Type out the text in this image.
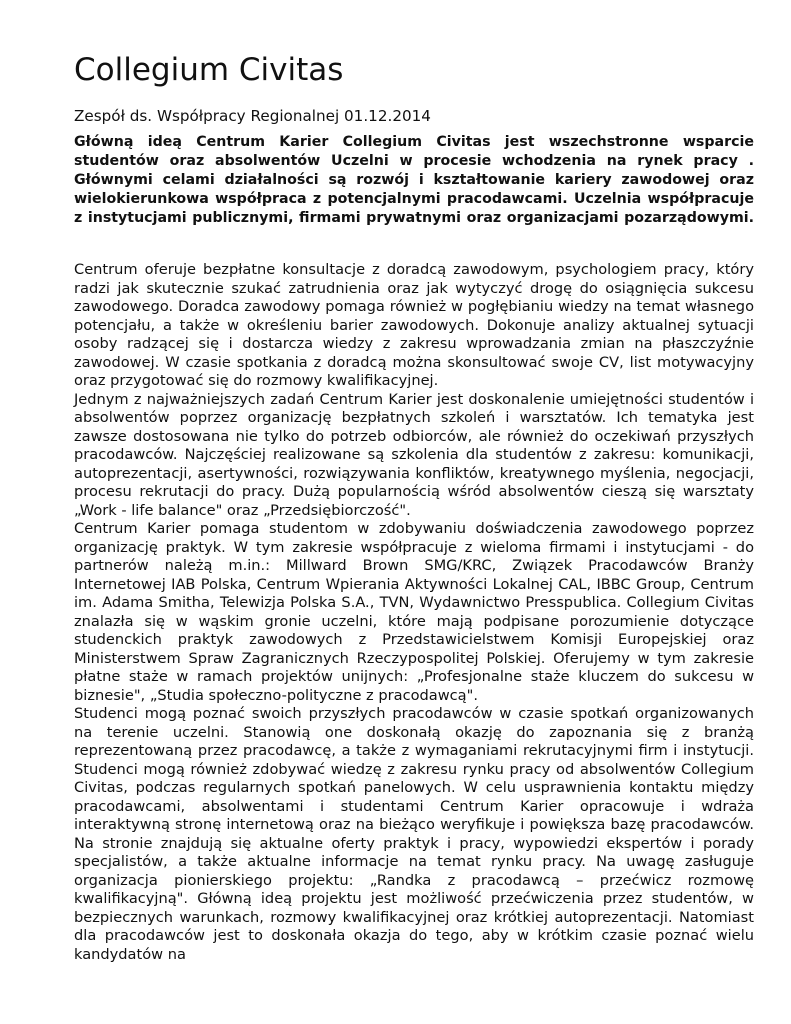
Collegium Civitas

Zespół ds. Współpracy Regionalnej 01.12.2014

Główną ideą Centrum Karier Collegium Civitas jest wszechstronne wsparcie studentów oraz absolwentów Uczelni w procesie wchodzenia na rynek pracy . Głównymi celami działalności są rozwój i kształtowanie kariery zawodowej oraz wielokierunkowa współpraca z potencjalnymi pracodawcami. Uczelnia współpracuje z instytucjami publicznymi, firmami prywatnymi oraz organizacjami pozarządowymi.

Centrum oferuje bezpłatne konsultacje z doradcą zawodowym, psychologiem pracy, który radzi jak skutecznie szukać zatrudnienia oraz jak wytyczyć drogę do osiągnięcia sukcesu zawodowego. Doradca zawodowy pomaga również w pogłębianiu wiedzy na temat własnego potencjału, a także w określeniu barier zawodowych. Dokonuje analizy aktualnej sytuacji osoby radzącej się i dostarcza wiedzy z zakresu wprowadzania zmian na płaszczyźnie zawodowej. W czasie spotkania z doradcą można skonsultować swoje CV, list motywacyjny oraz przygotować się do rozmowy kwalifikacyjnej.

Jednym z najważniejszych zadań Centrum Karier jest doskonalenie umiejętności studentów i absolwentów poprzez organizację bezpłatnych szkoleń i warsztatów. Ich tematyka jest zawsze dostosowana nie tylko do potrzeb odbiorców, ale również do oczekiwań przyszłych pracodawców. Najczęściej realizowane są szkolenia dla studentów z zakresu: komunikacji, autoprezentacji, asertywności, rozwiązywania konfliktów, kreatywnego myślenia, negocjacji, procesu rekrutacji do pracy. Dużą popularnością wśród absolwentów cieszą się warsztaty „Work - life balance" oraz „Przedsiębiorczość".

Centrum Karier pomaga studentom w zdobywaniu doświadczenia zawodowego poprzez organizację praktyk. W tym zakresie współpracuje z wieloma firmami i instytucjami - do partnerów należą m.in.: Millward Brown SMG/KRC, Związek Pracodawców Branży Internetowej IAB Polska, Centrum Wpierania Aktywności Lokalnej CAL, IBBC Group, Centrum im. Adama Smitha, Telewizja Polska S.A., TVN, Wydawnictwo Presspublica. Collegium Civitas znalazła się w wąskim gronie uczelni, które mają podpisane porozumienie dotyczące studenckich praktyk zawodowych z Przedstawicielstwem Komisji Europejskiej oraz Ministerstwem Spraw Zagranicznych Rzeczypospolitej Polskiej. Oferujemy w tym zakresie płatne staże w ramach projektów unijnych: „Profesjonalne staże kluczem do sukcesu w biznesie", „Studia społeczno-polityczne z pracodawcą".

Studenci mogą poznać swoich przyszłych pracodawców w czasie spotkań organizowanych na terenie uczelni. Stanowią one doskonałą okazję do zapoznania się z branżą reprezentowaną przez pracodawcę, a także z wymaganiami rekrutacyjnymi firm i instytucji. Studenci mogą również zdobywać wiedzę z zakresu rynku pracy od absolwentów Collegium Civitas, podczas regularnych spotkań panelowych. W celu usprawnienia kontaktu między pracodawcami, absolwentami i studentami Centrum Karier opracowuje i wdraża interaktywną stronę internetową oraz na bieżąco weryfikuje i powiększa bazę pracodawców. Na stronie znajdują się aktualne oferty praktyk i pracy, wypowiedzi ekspertów i porady specjalistów, a także aktualne informacje na temat rynku pracy. Na uwagę zasługuje organizacja pionierskiego projektu: „Randka z pracodawcą – przećwicz rozmowę kwalifikacyjną". Główną ideą projektu jest możliwość przećwiczenia przez studentów, w bezpiecznych warunkach, rozmowy kwalifikacyjnej oraz krótkiej autoprezentacji. Natomiast dla pracodawców jest to doskonała okazja do tego, aby w krótkim czasie poznać wielu kandydatów na
